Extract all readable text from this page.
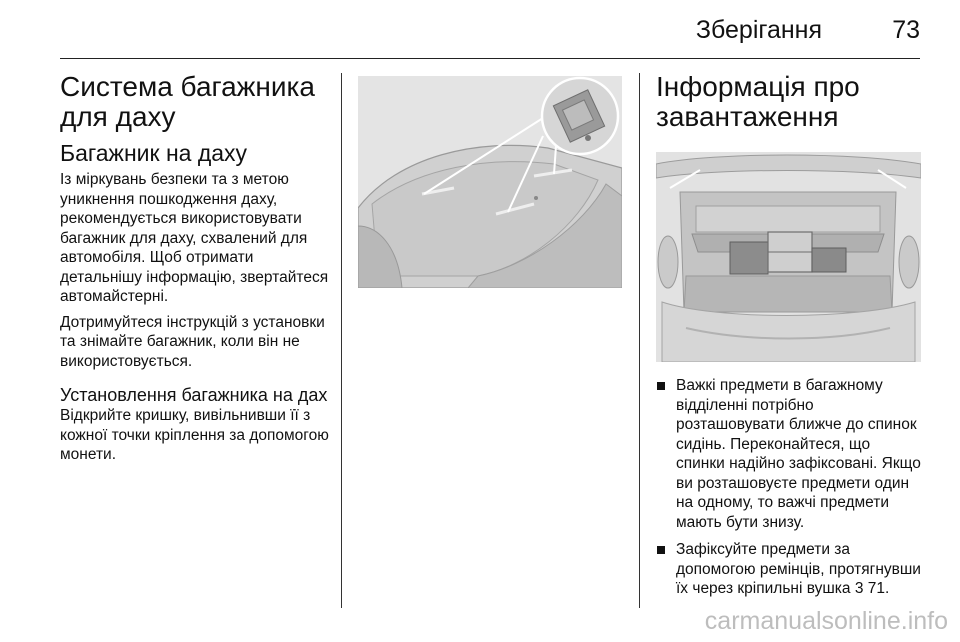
Зберігання	73
Система багажника для даху
Багажник на даху

Із міркувань безпеки та з метою уникнення пошкодження даху, рекомендується використовувати багажник для даху, схвалений для автомобіля. Щоб отримати детальнішу інформацію, звертайтеся автомайстерні.

Дотримуйтеся інструкцій з установки та знімайте багажник, коли він не використовується.

Установлення багажника на дах

Відкрийте кришку, вивільнивши її з кожної точки кріплення за допомогою монети.

Інформація про завантаження
Важкі предмети в багажному відділенні потрібно розташовувати ближче до спинок сидінь. Переконайтеся, що спинки надійно зафіксовані. Якщо ви розташовуєте предмети один на одному, то важчі предмети мають бути знизу.
Зафіксуйте предмети за допомогою ремінців, протягнувши їх через кріпильні вушка 3 71.
carmanualsonline.info
